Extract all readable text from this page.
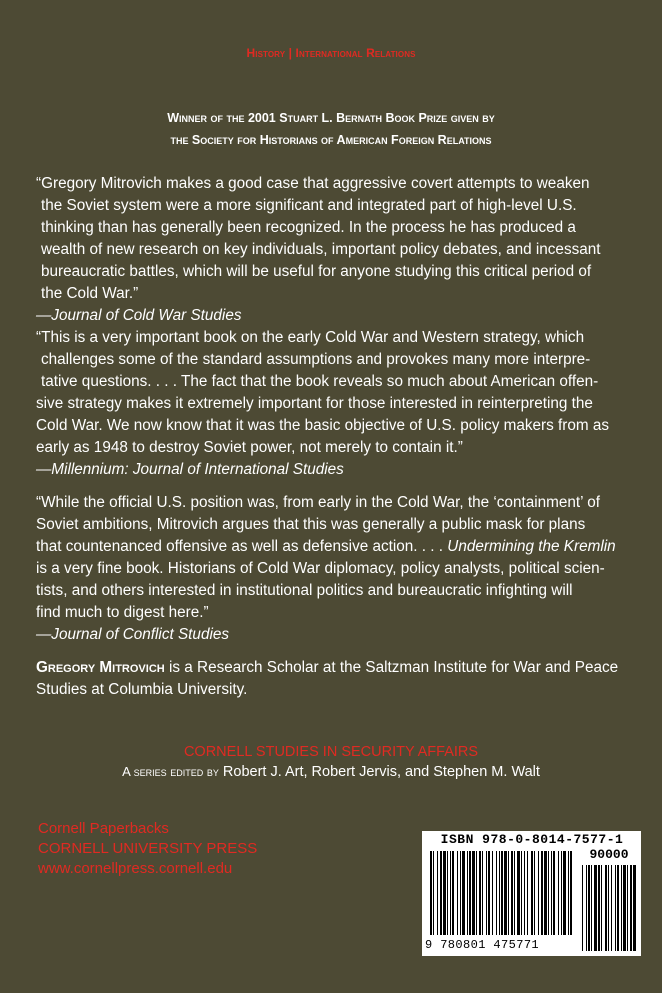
History | International Relations
Winner of the 2001 Stuart L. Bernath Book Prize given by
the Society for Historians of American Foreign Relations
“Gregory Mitrovich makes a good case that aggressive covert attempts to weaken
the Soviet system were a more significant and integrated part of high-level U.S.
thinking than has generally been recognized. In the process he has produced a
wealth of new research on key individuals, important policy debates, and incessant
bureaucratic battles, which will be useful for anyone studying this critical period of
the Cold War.”
—Journal of Cold War Studies
“This is a very important book on the early Cold War and Western strategy, which
challenges some of the standard assumptions and provokes many more interpre-
tative questions. . . . The fact that the book reveals so much about American offen-
sive strategy makes it extremely important for those interested in reinterpreting the
Cold War. We now know that it was the basic objective of U.S. policy makers from as
early as 1948 to destroy Soviet power, not merely to contain it.”
—Millennium: Journal of International Studies
“While the official U.S. position was, from early in the Cold War, the ‘containment’ of
Soviet ambitions, Mitrovich argues that this was generally a public mask for plans
that countenanced offensive as well as defensive action. . . . Undermining the Kremlin
is a very fine book. Historians of Cold War diplomacy, policy analysts, political scien-
tists, and others interested in institutional politics and bureaucratic infighting will
find much to digest here.”
—Journal of Conflict Studies
Gregory Mitrovich is a Research Scholar at the Saltzman Institute for War and Peace
Studies at Columbia University.
CORNELL STUDIES IN SECURITY AFFAIRS
A series edited by Robert J. Art, Robert Jervis, and Stephen M. Walt
Cornell Paperbacks
CORNELL UNIVERSITY PRESS
www.cornellpress.cornell.edu
ISBN 978-0-8014-7577-1
90000
9 780801 475771
